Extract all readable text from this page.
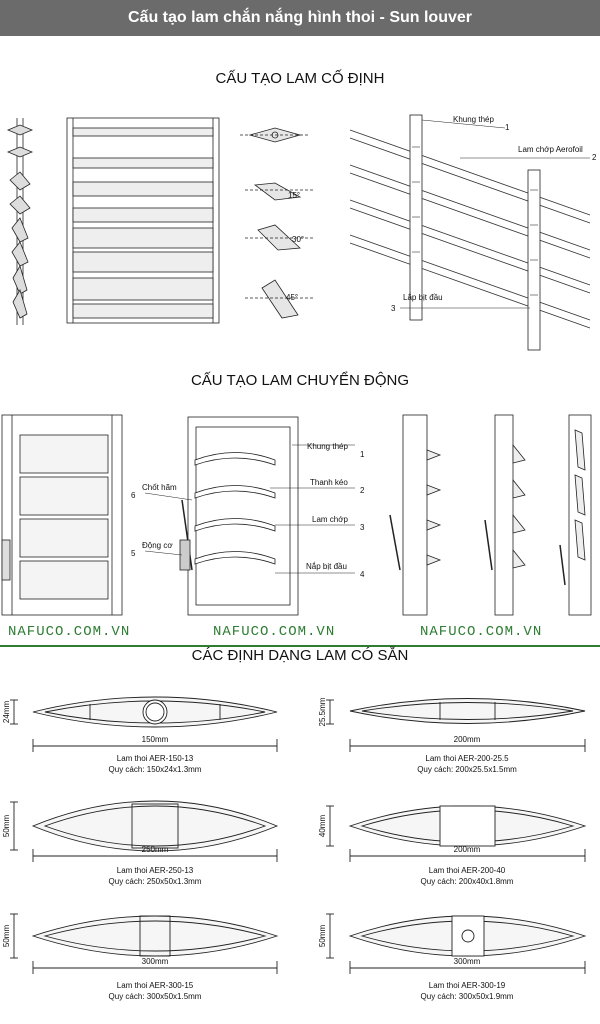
Cấu tạo lam chắn nắng hình thoi - Sun louver
CẤU TẠO LAM CỐ ĐỊNH
15°
30°
45°
Khung thép
1
Lam chớp Aerofoil
2
Lắp bịt đầu
3
CẤU TẠO LAM CHUYỂN ĐỘNG
Khung thép
1
Thanh kéo
2
Lam chớp
3
Nắp bịt đầu
4
Chốt hãm
6
Động cơ
5
NAFUCO.COM.VN	NAFUCO.COM.VN	NAFUCO.COM.VN
CÁC ĐỊNH DẠNG LAM CÓ SẴN
150mm	200mm
250mm	200mm
300mm	300mm
24mm	25.5mm
50mm	40mm
50mm	50mm
Lam thoi AER-150-13
Quy cách: 150x24x1.3mm
Lam thoi AER-200-25.5
Quy cách: 200x25.5x1.5mm
Lam thoi AER-250-13
Quy cách: 250x50x1.3mm
Lam thoi AER-200-40
Quy cách: 200x40x1.8mm
Lam thoi AER-300-15
Quy cách: 300x50x1.5mm
Lam thoi AER-300-19
Quy cách: 300x50x1.9mm
